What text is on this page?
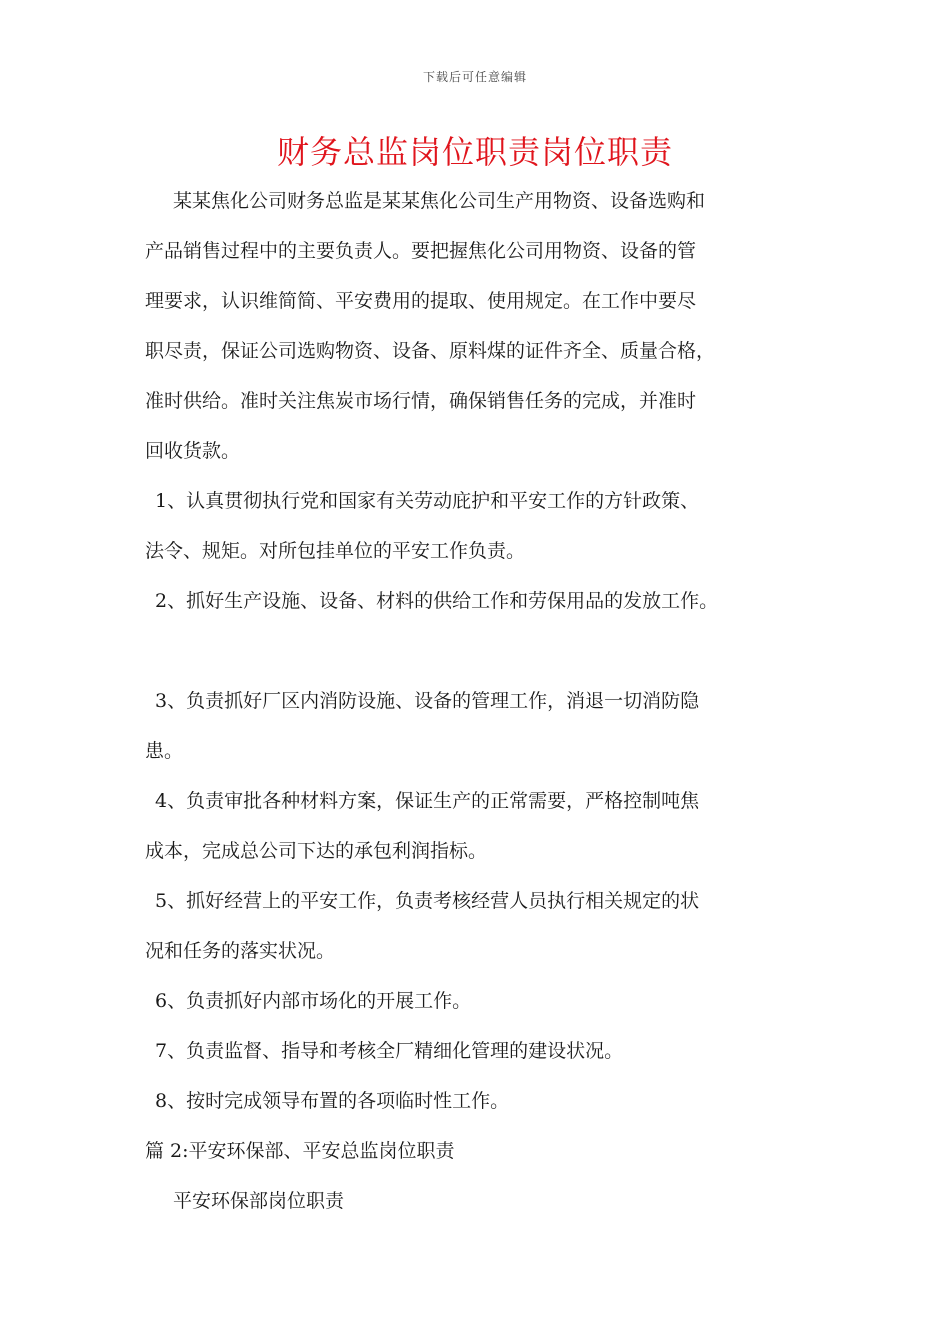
下载后可任意编辑
财务总监岗位职责岗位职责
某某焦化公司财务总监是某某焦化公司生产用物资、设备选购和
产品销售过程中的主要负责人。要把握焦化公司用物资、设备的管
理要求，认识维简简、平安费用的提取、使用规定。在工作中要尽
职尽责，保证公司选购物资、设备、原料煤的证件齐全、质量合格，
准时供给。准时关注焦炭市场行情，确保销售任务的完成，并准时
回收货款。
1、认真贯彻执行党和国家有关劳动庇护和平安工作的方针政策、
法令、规矩。对所包挂单位的平安工作负责。
2、抓好生产设施、设备、材料的供给工作和劳保用品的发放工作。
3、负责抓好厂区内消防设施、设备的管理工作，消退一切消防隐
患。
4、负责审批各种材料方案，保证生产的正常需要，严格控制吨焦
成本，完成总公司下达的承包利润指标。
5、抓好经营上的平安工作，负责考核经营人员执行相关规定的状
况和任务的落实状况。
6、负责抓好内部市场化的开展工作。
7、负责监督、指导和考核全厂精细化管理的建设状况。
8、按时完成领导布置的各项临时性工作。
篇 2:平安环保部、平安总监岗位职责
平安环保部岗位职责
